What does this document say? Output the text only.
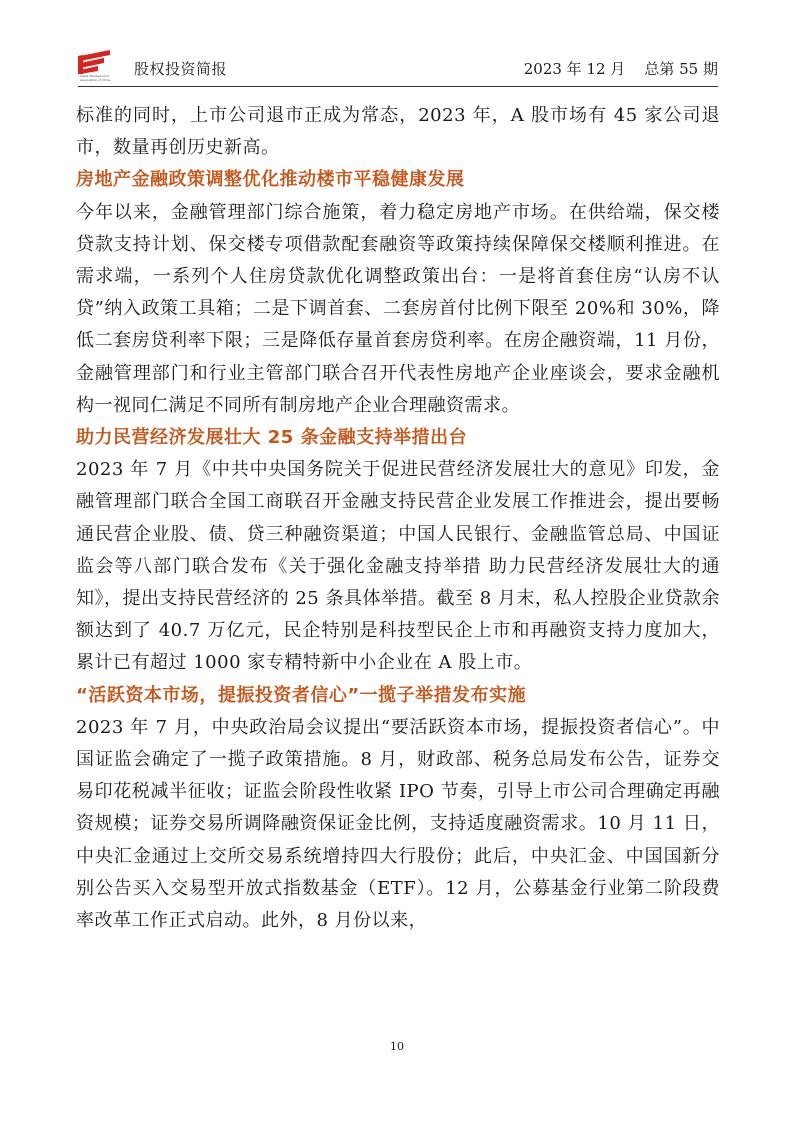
Asset Management Association of China
股权投资简报	2023 年 12 月    总第 55 期

标准的同时，上市公司退市正成为常态，2023 年，A 股市场有 45 家公司退市，数量再创历史新高。

房地产金融政策调整优化推动楼市平稳健康发展

今年以来，金融管理部门综合施策，着力稳定房地产市场。在供给端，保交楼贷款支持计划、保交楼专项借款配套融资等政策持续保障保交楼顺利推进。在需求端，一系列个人住房贷款优化调整政策出台：一是将首套住房“认房不认贷”纳入政策工具箱；二是下调首套、二套房首付比例下限至 20%和 30%，降低二套房贷利率下限；三是降低存量首套房贷利率。在房企融资端，11 月份，金融管理部门和行业主管部门联合召开代表性房地产企业座谈会，要求金融机构一视同仁满足不同所有制房地产企业合理融资需求。

助力民营经济发展壮大 25 条金融支持举措出台

2023 年 7 月《中共中央国务院关于促进民营经济发展壮大的意见》印发，金融管理部门联合全国工商联召开金融支持民营企业发展工作推进会，提出要畅通民营企业股、债、贷三种融资渠道；中国人民银行、金融监管总局、中国证监会等八部门联合发布《关于强化金融支持举措 助力民营经济发展壮大的通知》，提出支持民营经济的 25 条具体举措。截至 8 月末，私人控股企业贷款余额达到了 40.7 万亿元，民企特别是科技型民企上市和再融资支持力度加大，累计已有超过 1000 家专精特新中小企业在 A 股上市。

“活跃资本市场，提振投资者信心”一揽子举措发布实施

2023 年 7 月，中央政治局会议提出“要活跃资本市场，提振投资者信心”。中国证监会确定了一揽子政策措施。8 月，财政部、税务总局发布公告，证券交易印花税减半征收；证监会阶段性收紧 IPO 节奏，引导上市公司合理确定再融资规模；证券交易所调降融资保证金比例，支持适度融资需求。10 月 11 日，中央汇金通过上交所交易系统增持四大行股份；此后，中央汇金、中国国新分别公告买入交易型开放式指数基金（ETF）。12 月，公募基金行业第二阶段费率改革工作正式启动。此外，8 月份以来，

10
